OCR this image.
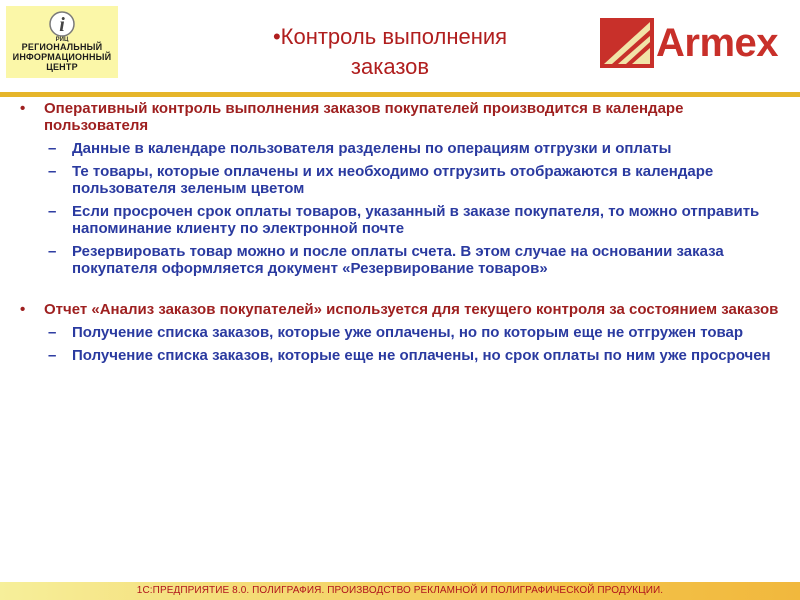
i
РИЦ
РЕГИОНАЛЬНЫЙ
ИНФОРМАЦИОННЫЙ
ЦЕНТР
•Контроль выполнения
заказов
Armex
• Оперативный контроль выполнения заказов покупателей производится в календаре пользователя
– Данные в календаре пользователя разделены по операциям отгрузки и оплаты
– Те товары, которые оплачены и их необходимо отгрузить отображаются в календаре пользователя зеленым цветом
– Если просрочен срок оплаты товаров, указанный в заказе покупателя, то можно отправить напоминание клиенту по электронной почте
– Резервировать товар можно и после оплаты счета. В этом случае на основании заказа покупателя оформляется документ «Резервирование товаров»
• Отчет «Анализ заказов покупателей» используется для текущего контроля за состоянием заказов
– Получение списка заказов, которые уже оплачены, но по которым еще не отгружен товар
– Получение списка заказов, которые еще не оплачены, но срок оплаты по ним уже просрочен
1С:ПРЕДПРИЯТИЕ 8.0. ПОЛИГРАФИЯ. ПРОИЗВОДСТВО РЕКЛАМНОЙ И ПОЛИГРАФИЧЕСКОЙ ПРОДУКЦИИ.
